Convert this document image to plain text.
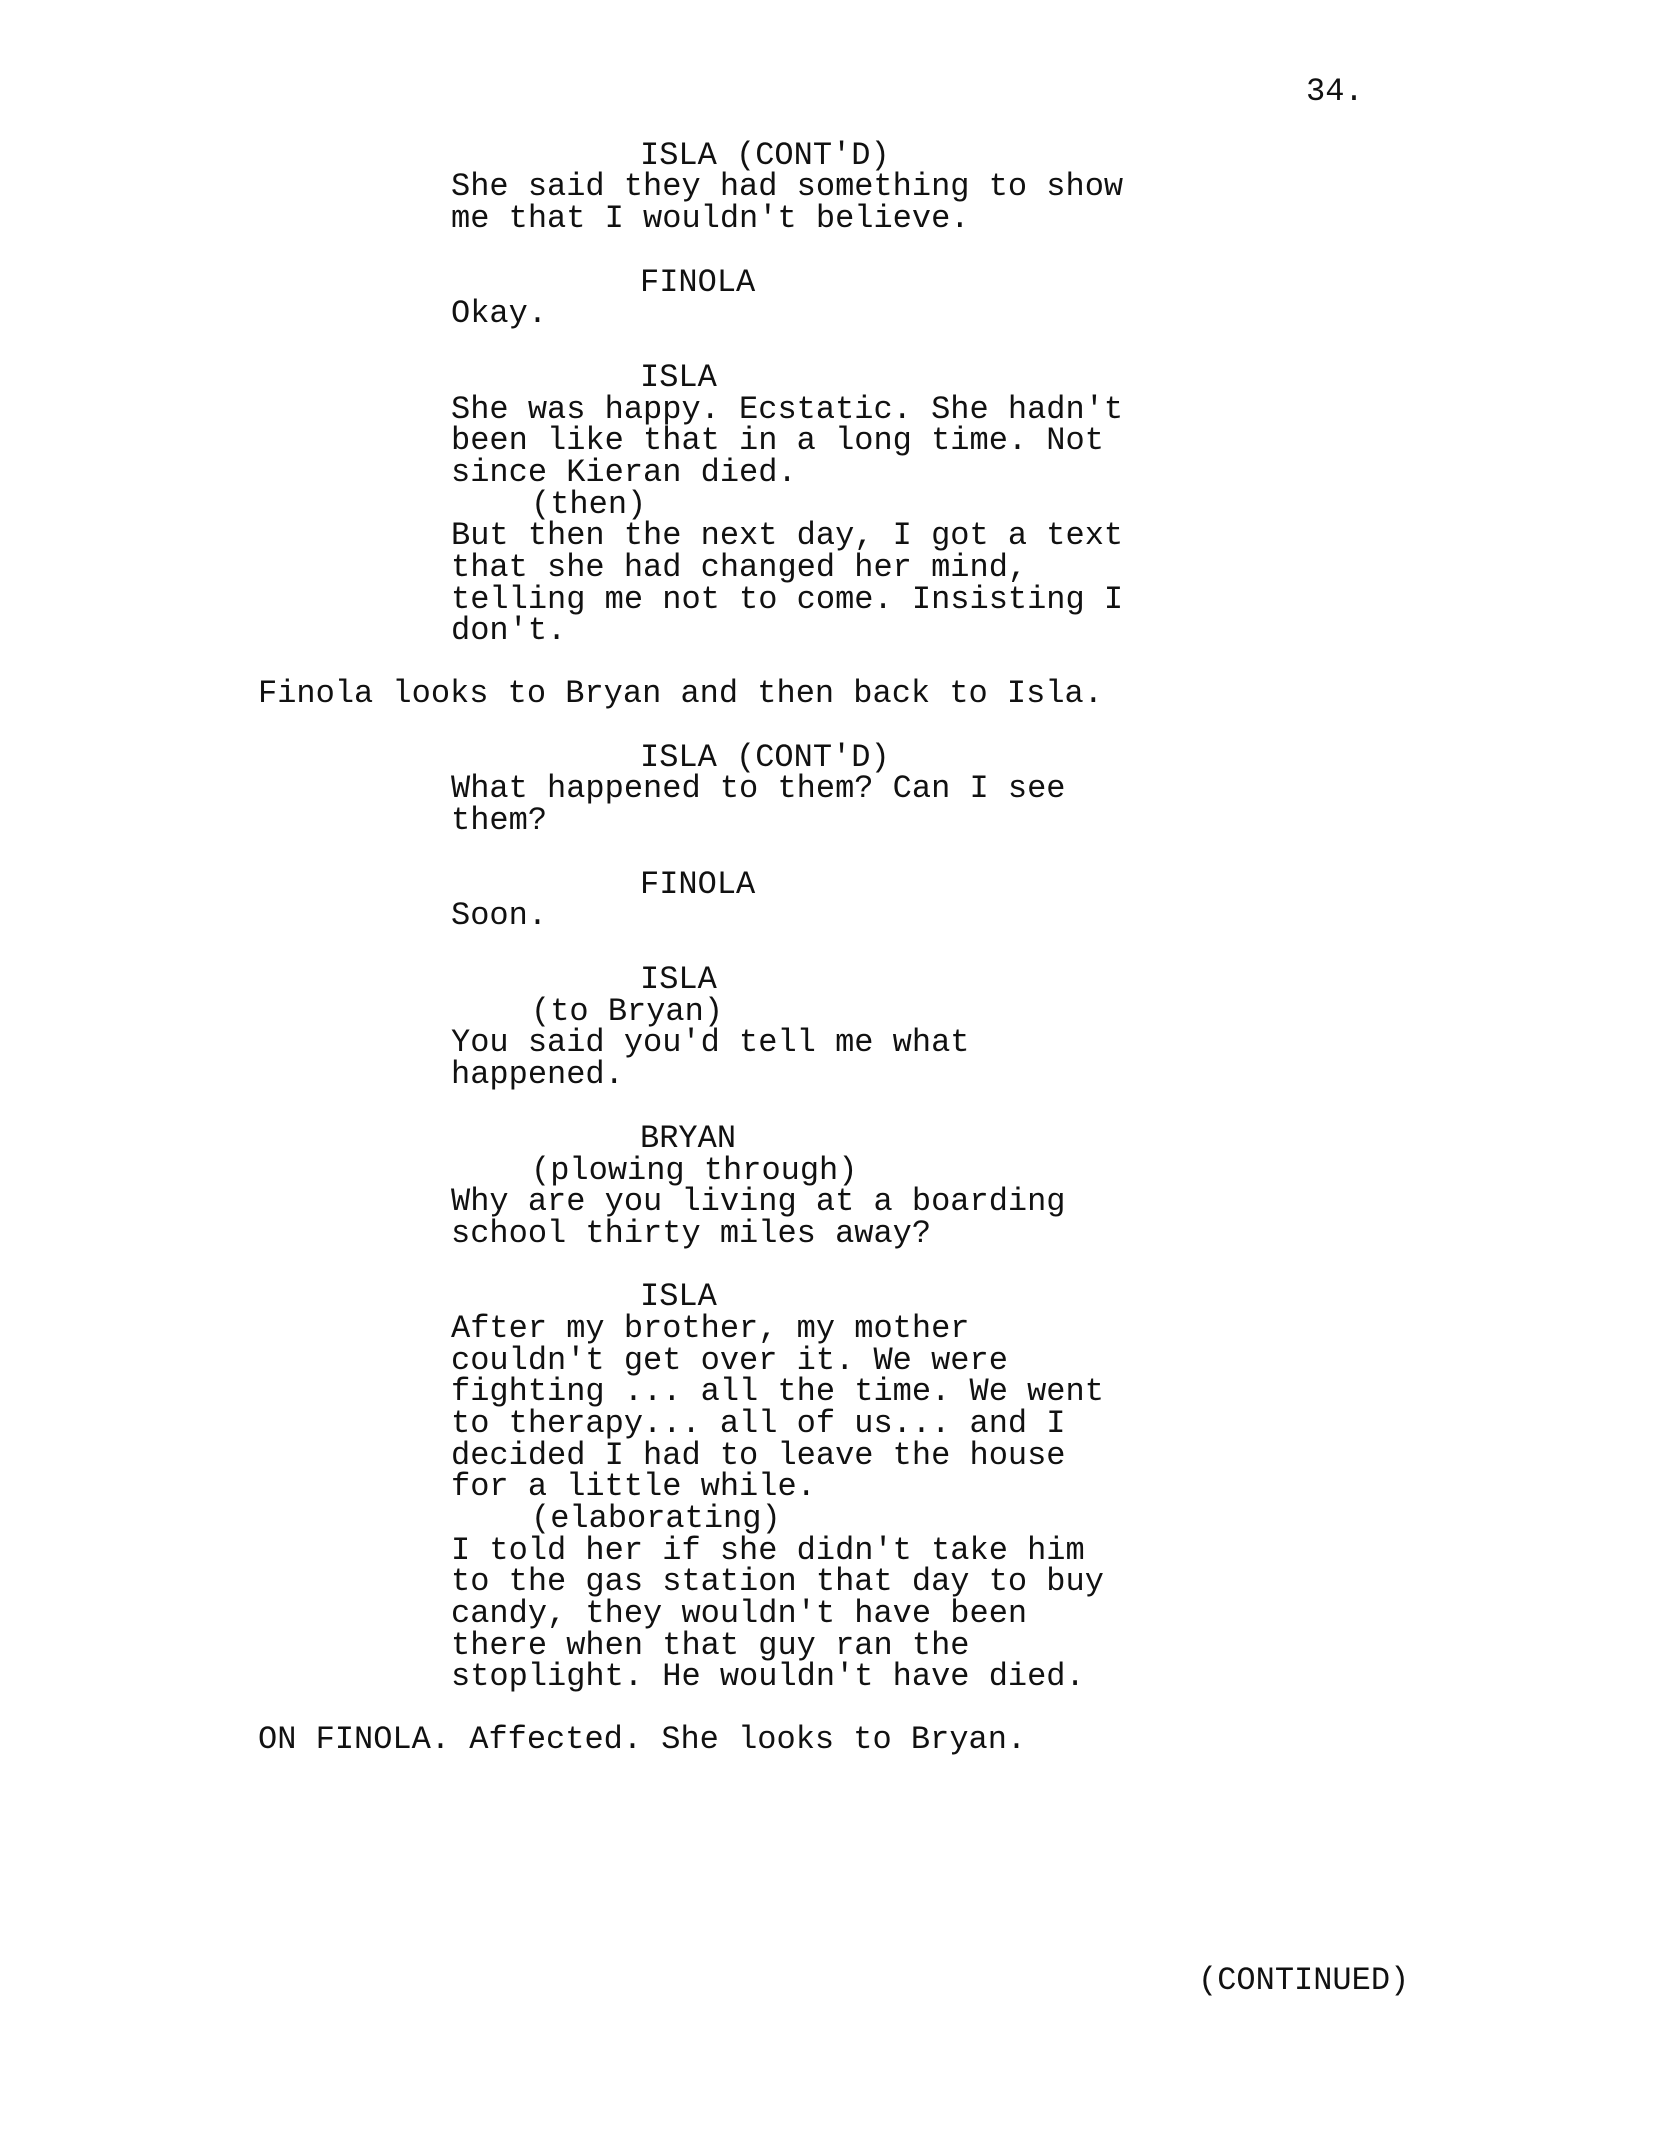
34.
ISLA (CONT'D)
She said they had something to show
me that I wouldn't believe.
FINOLA
Okay.
ISLA
She was happy. Ecstatic. She hadn't
been like that in a long time. Not
since Kieran died.
(then)
But then the next day, I got a text
that she had changed her mind,
telling me not to come. Insisting I
don't.
Finola looks to Bryan and then back to Isla.
ISLA (CONT'D)
What happened to them? Can I see
them?
FINOLA
Soon.
ISLA
(to Bryan)
You said you'd tell me what
happened.
BRYAN
(plowing through)
Why are you living at a boarding
school thirty miles away?
ISLA
After my brother, my mother
couldn't get over it. We were
fighting ... all the time. We went
to therapy... all of us... and I
decided I had to leave the house
for a little while.
(elaborating)
I told her if she didn't take him
to the gas station that day to buy
candy, they wouldn't have been
there when that guy ran the
stoplight. He wouldn't have died.
ON FINOLA. Affected. She looks to Bryan.
(CONTINUED)
